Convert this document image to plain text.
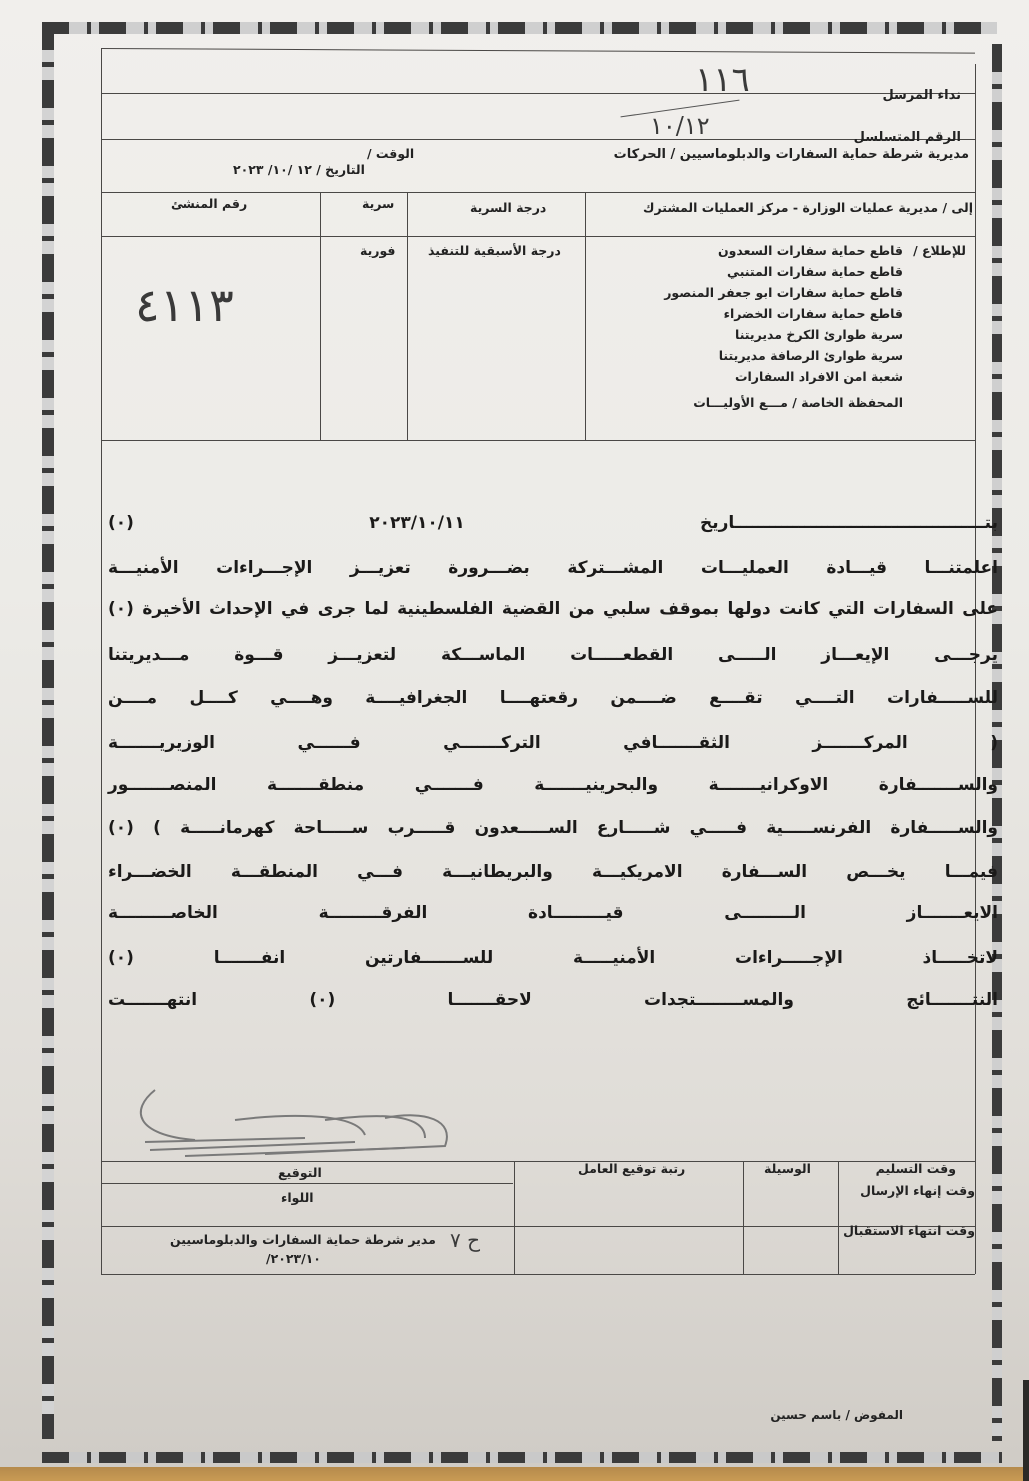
نداء المرسل
١١٦
الرقم المتسلسل
١٠/١٢
مديرية شرطة حماية السفارات والدبلوماسيين / الحركات
الوقت /
التاريخ / ١٢ /١٠/ ٢٠٢٣
إلى / مديرية عمليات الوزارة - مركز العمليات المشترك
درجة السرية
سرية
رقم المنشئ
درجة الأسبقية للتنفيذ
فورية
٤١١٣
للإطلاع /
قاطع حماية سفارات السعدون
قاطع حماية سفارات المتنبي
قاطع حماية سفارات ابو جعفر المنصور
قاطع حماية سفارات الخضراء
سرية طوارئ الكرخ مديريتنا
سرية طوارئ الرصافة مديريتنا
شعبة امن الافراد السفارات
المحفظة الخاصة / مـــع الأوليـــات
بتـــــــــــــــــــــــــــــــــــــــــــاريخ ٢٠٢٣/١٠/١١ (٠)
اعلمتنـــا قيـــادة العمليـــات المشـــتركة بضـــرورة تعزيـــز الإجـــراءات الأمنيـــة
على السفارات التي كانت دولها بموقف سلبي من القضية الفلسطينية لما جرى في الإحداث الأخيرة (٠)
يرجـــى الإيعـــاز الـــــى القطعـــــات الماســـكة لتعزيـــز قـــوة مـــديريتنا
للســـــفارات التــــي تقــــع ضــــمن رقعتهــــا الجغرافيــــة وهــــي كــــل مــــن
( المركـــــــز الثقـــــــافي التركـــــــي فــــــي الوزيريـــــــة
والســـــــفارة الاوكرانيـــــــة والبحرينيـــــــة فـــــــي منطقـــــــة المنصـــــــور
والســـــفارة الفرنســـــية فـــــي شـــــارع الســـــعدون قـــــرب ســـــاحة كهرمانـــــة ) (٠)
فيمـــا يخـــص الســـفارة الامريكيـــة والبريطانيـــة فـــي المنطقـــة الخضـــراء
الايعـــــــاز الـــــــــى قيـــــــــادة الفرقـــــــــة الخاصـــــــــة
لاتخـــــاذ الإجـــــراءات الأمنيـــــة للســـــــفارتين انفـــــــا (٠)
النتـــــــائج والمســــــــتجدات لاحقـــــــا (٠) انتهـــــــت
التوقيع
اللواء
مدير شرطة حماية السفارات والدبلوماسيين
٢٠٢٣/١٠/
ح ٧
رتبة توقيع العامل	الوسيلة	وقت التسليم
وقت إنهاء الإرسال
وقت انتهاء الاستقبال
المفوض / باسم حسين
